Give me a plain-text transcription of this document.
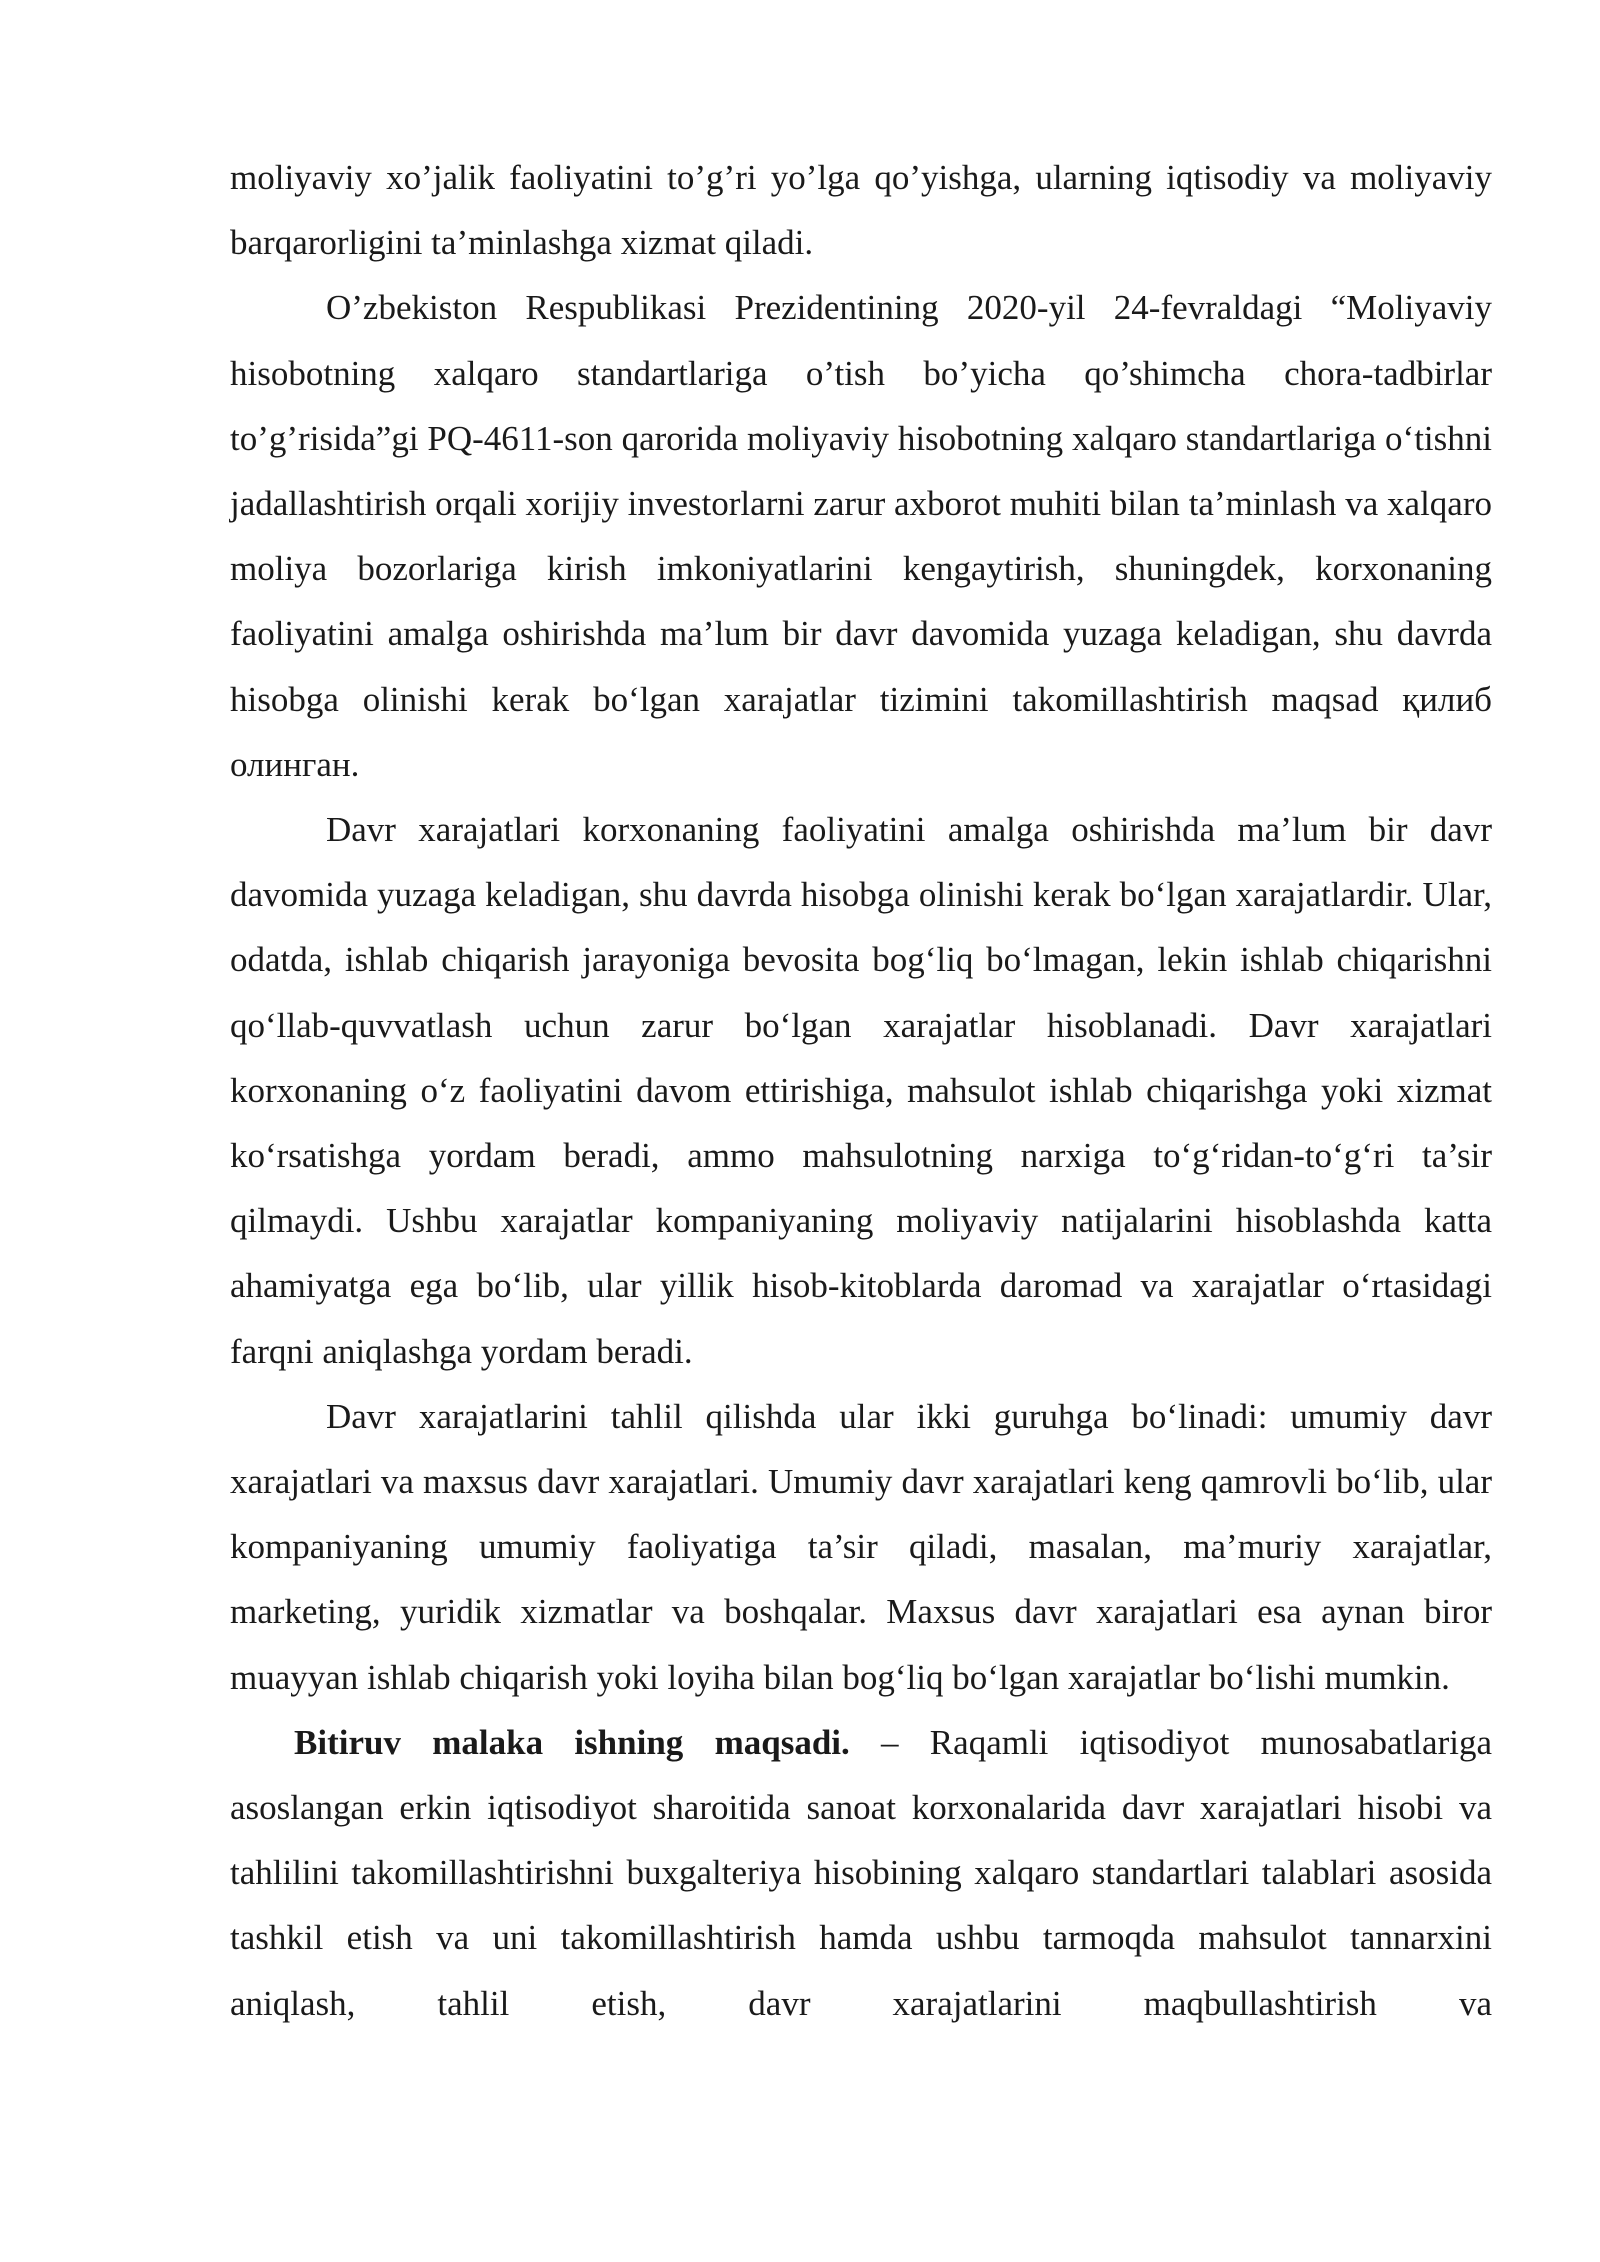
moliyaviy xo’jalik faoliyatini to’g’ri yo’lga qo’yishga, ularning iqtisodiy va moliyaviy barqarorligini ta’minlashga xizmat qiladi.

O’zbekiston Respublikasi Prezidentining 2020-yil 24-fevraldagi “Moliyaviy hisobotning xalqaro standartlariga o’tish bo’yicha qo’shimcha chora-tadbirlar to’g’risida”gi PQ-4611-son qarorida moliyaviy hisobotning xalqaro standartlariga oʻtishni jadallashtirish orqali xorijiy investorlarni zarur axborot muhiti bilan ta’minlash va xalqaro moliya bozorlariga kirish imkoniyatlarini kengaytirish, shuningdek, korxonaning faoliyatini amalga oshirishda ma’lum bir davr davomida yuzaga keladigan, shu davrda hisobga olinishi kerak boʻlgan xarajatlar tizimini takomillashtirish maqsad қилиб олинган.

Davr xarajatlari korxonaning faoliyatini amalga oshirishda ma’lum bir davr davomida yuzaga keladigan, shu davrda hisobga olinishi kerak boʻlgan xarajatlardir. Ular, odatda, ishlab chiqarish jarayoniga bevosita bogʻliq boʻlmagan, lekin ishlab chiqarishni qoʻllab-quvvatlash uchun zarur boʻlgan xarajatlar hisoblanadi. Davr xarajatlari korxonaning oʻz faoliyatini davom ettirishiga, mahsulot ishlab chiqarishga yoki xizmat koʻrsatishga yordam beradi, ammo mahsulotning narxiga toʻgʻridan-toʻgʻri ta’sir qilmaydi. Ushbu xarajatlar kompaniyaning moliyaviy natijalarini hisoblashda katta ahamiyatga ega boʻlib, ular yillik hisob-kitoblarda daromad va xarajatlar oʻrtasidagi farqni aniqlashga yordam beradi.

Davr xarajatlarini tahlil qilishda ular ikki guruhga boʻlinadi: umumiy davr xarajatlari va maxsus davr xarajatlari. Umumiy davr xarajatlari keng qamrovli boʻlib, ular kompaniyaning umumiy faoliyatiga ta’sir qiladi, masalan, ma’muriy xarajatlar, marketing, yuridik xizmatlar va boshqalar. Maxsus davr xarajatlari esa aynan biror muayyan ishlab chiqarish yoki loyiha bilan bogʻliq boʻlgan xarajatlar boʻlishi mumkin.

Bitiruv malaka ishning maqsadi. – Raqamli iqtisodiyot munosabatlariga asoslangan erkin iqtisodiyot sharoitida sanoat korxonalarida davr xarajatlari hisobi va tahlilini takomillashtirishni buxgalteriya hisobining xalqaro standartlari talablari asosida tashkil etish va uni takomillashtirish hamda ushbu tarmoqda mahsulot tannarxini aniqlash, tahlil etish, davr xarajatlarini maqbullashtirish va
